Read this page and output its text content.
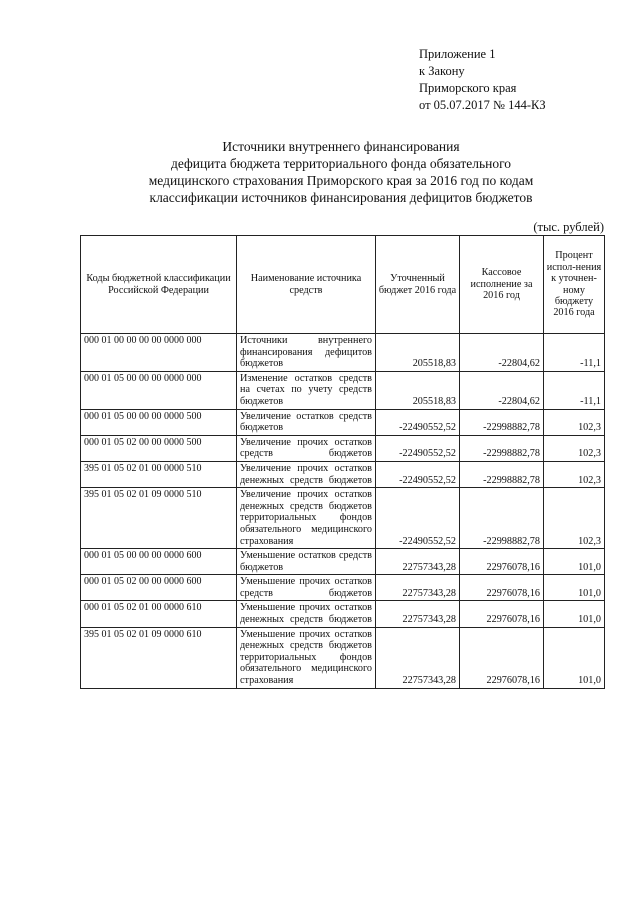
Приложение 1
к Закону
Приморского края
от 05.07.2017 № 144-КЗ
Источники внутреннего финансирования
дефицита бюджета территориального фонда обязательного
медицинского страхования Приморского края за 2016 год по кодам
классификации источников финансирования дефицитов бюджетов
(тыс. рублей)
Коды бюджетной классификации Российской Федерации	Наименование источника средств	Уточненный бюджет 2016 года	Кассовое исполнение за 2016 год	Процент испол-нения к уточнен-ному бюджету 2016 года
000 01 00 00 00 00 0000 000	Источники внутреннего финансирования дефицитов бюджетов	205518,83	-22804,62	-11,1
000 01 05 00 00 00 0000 000	Изменение остатков средств на счетах по учету средств бюджетов	205518,83	-22804,62	-11,1
000 01 05 00 00 00 0000 500	Увеличение остатков средств бюджетов	-22490552,52	-22998882,78	102,3
000 01 05 02 00 00 0000 500	Увеличение прочих остатков средств бюджетов	-22490552,52	-22998882,78	102,3
395 01 05 02 01 00 0000 510	Увеличение прочих остатков денежных средств бюджетов	-22490552,52	-22998882,78	102,3
395 01 05 02 01 09 0000 510	Увеличение прочих остатков денежных средств бюджетов территориальных фондов обязательного медицинского страхования	-22490552,52	-22998882,78	102,3
000 01 05 00 00 00 0000 600	Уменьшение остатков средств бюджетов	22757343,28	22976078,16	101,0
000 01 05 02 00 00 0000 600	Уменьшение прочих остатков средств бюджетов	22757343,28	22976078,16	101,0
000 01 05 02 01 00 0000 610	Уменьшение прочих остатков денежных средств бюджетов	22757343,28	22976078,16	101,0
395 01 05 02 01 09 0000 610	Уменьшение прочих остатков денежных средств бюджетов территориальных фондов обязательного медицинского страхования	22757343,28	22976078,16	101,0
